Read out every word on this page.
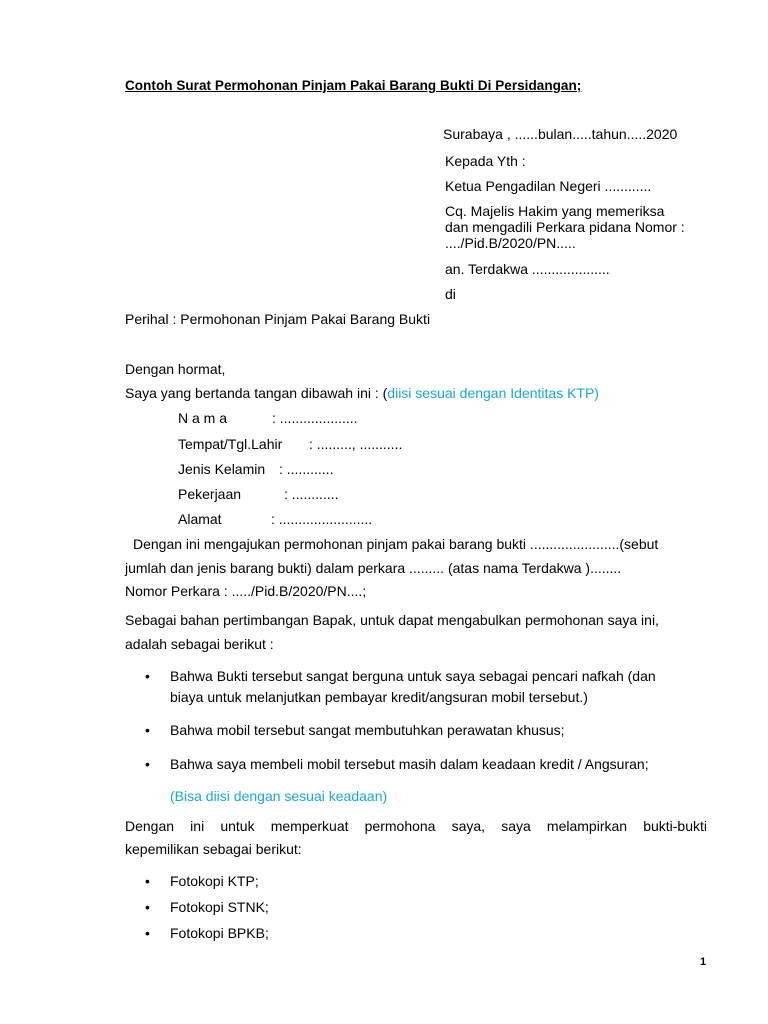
Contoh Surat Permohonan Pinjam Pakai Barang Bukti Di Persidangan;
Surabaya , ......bulan.....tahun.....2020
Kepada Yth :
Ketua Pengadilan Negeri ............
Cq. Majelis Hakim yang memeriksa
dan mengadili Perkara pidana Nomor :
..../Pid.B/2020/PN.....
an. Terdakwa ....................
di
Perihal : Permohonan Pinjam Pakai Barang Bukti
Dengan hormat,
Saya yang bertanda tangan dibawah ini : (diisi sesuai dengan Identitas KTP)
N a m a	: ....................
Tempat/Tgl.Lahir : ........., ...........
Jenis Kelamin : ............
Pekerjaan	: ............
Alamat	: ........................
Dengan ini mengajukan permohonan pinjam pakai barang bukti .......................(sebut
jumlah dan jenis barang bukti) dalam perkara ......... (atas nama Terdakwa )........
Nomor Perkara : ...../Pid.B/2020/PN....;
Sebagai bahan pertimbangan Bapak, untuk dapat mengabulkan permohonan saya ini,
adalah sebagai berikut :
• Bahwa Bukti tersebut sangat berguna untuk saya sebagai pencari nafkah (dan
biaya untuk melanjutkan pembayar kredit/angsuran mobil tersebut.)
• Bahwa mobil tersebut sangat membutuhkan perawatan khusus;
• Bahwa saya membeli mobil tersebut masih dalam keadaan kredit / Angsuran;
(Bisa diisi dengan sesuai keadaan)
Dengan ini untuk memperkuat permohona saya, saya melampirkan bukti-bukti
kepemilikan sebagai berikut:
• Fotokopi KTP;
• Fotokopi STNK;
• Fotokopi BPKB;
1
